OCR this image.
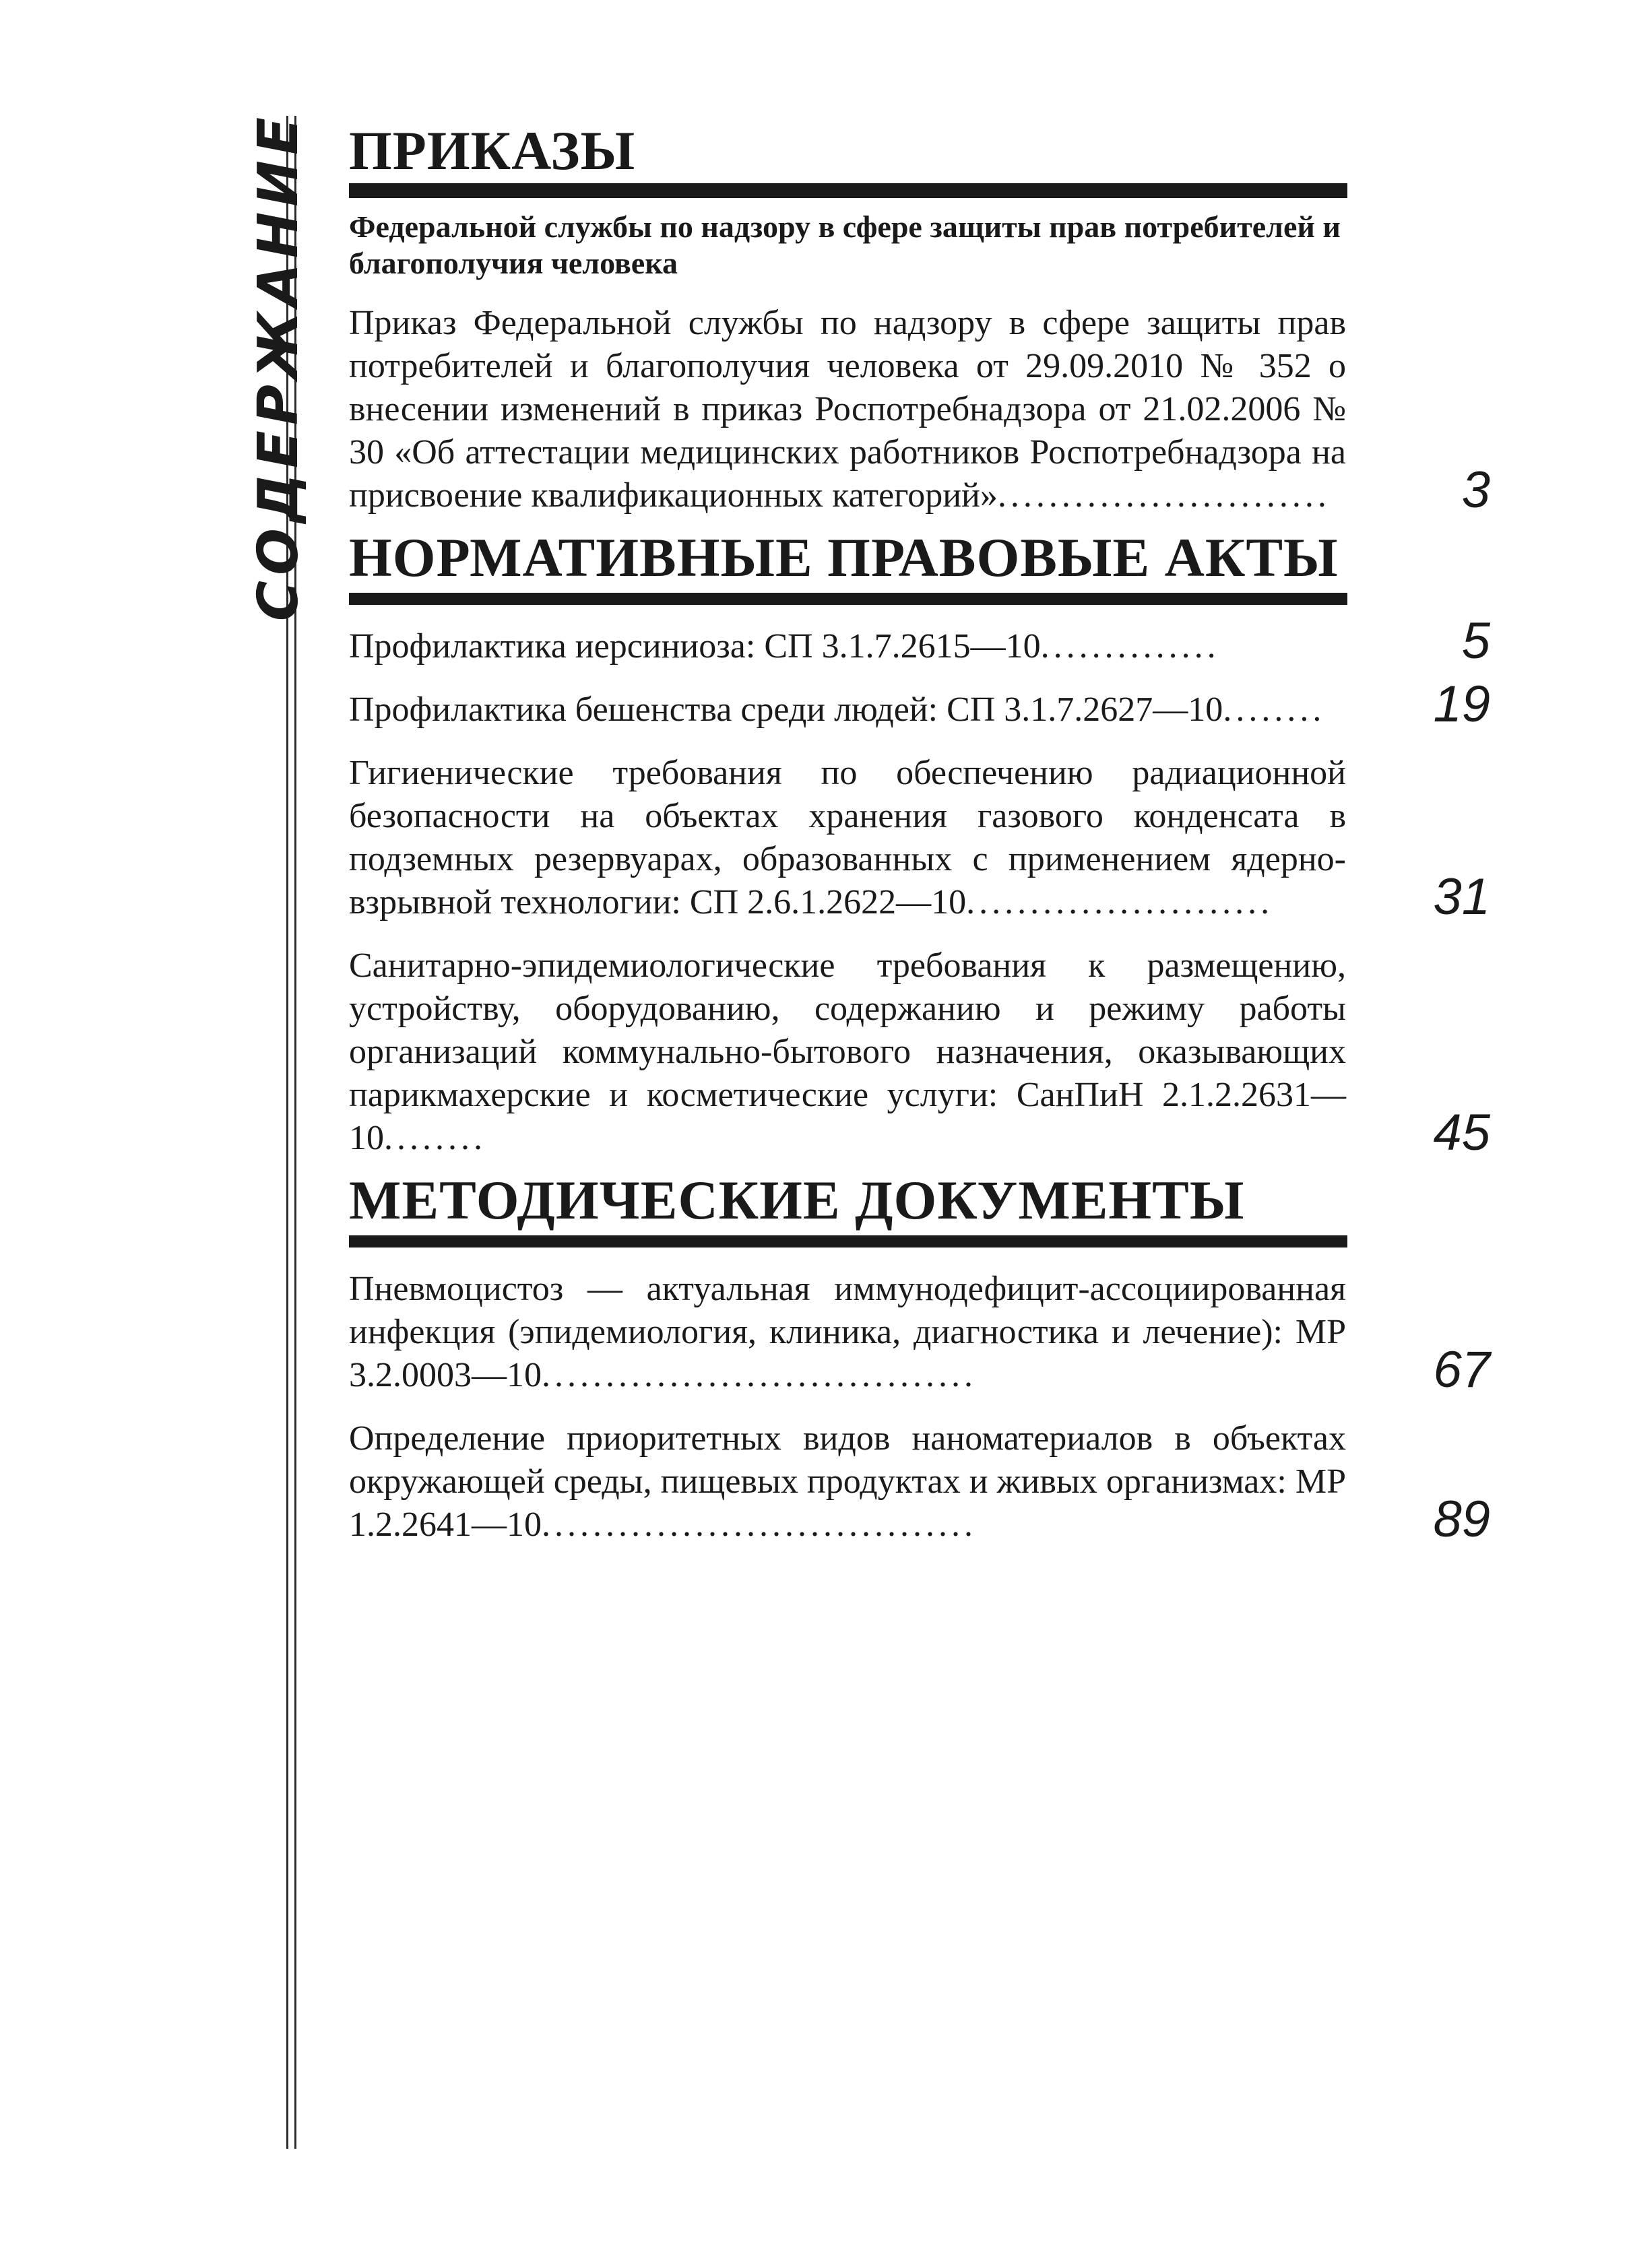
СОДЕРЖАНИЕ ПРИКАЗЫ
Федеральной службы по надзору в сфере защиты прав потребителей и благополучия человека
Приказ Федеральной службы по надзору в сфере защиты прав потребителей и благополучия человека от 29.09.2010 № 352 о внесении изменений в приказ Роспотребнадзора от 21.02.2006 № 30 «Об аттестации медицинских работников Роспотребнадзора на присвоение квалификационных категорий»..........................	3
НОРМАТИВНЫЕ ПРАВОВЫЕ АКТЫ
Профилактика иерсиниоза: СП 3.1.7.2615—10..............	5
Профилактика бешенства среди людей: СП 3.1.7.2627—10........	19
Гигиенические требования по обеспечению радиационной безопасности на объектах хранения газового конденсата в подземных резервуарах, образованных с применением ядерно-взрывной технологии: СП 2.6.1.2622—10........................	31
Санитарно-эпидемиологические требования к размещению, устройству, оборудованию, содержанию и режиму работы организаций коммунально-бытового назначения, оказывающих парикмахерские и косметические услуги: СанПиН 2.1.2.2631—10........	45
МЕТОДИЧЕСКИЕ ДОКУМЕНТЫ
Пневмоцистоз — актуальная иммунодефицит-ассоциированная инфекция (эпидемиология, клиника, диагностика и лечение): МР 3.2.0003—10..................................	67
Определение приоритетных видов наноматериалов в объектах окружающей среды, пищевых продуктах и живых организмах: МР 1.2.2641—10..................................	89
